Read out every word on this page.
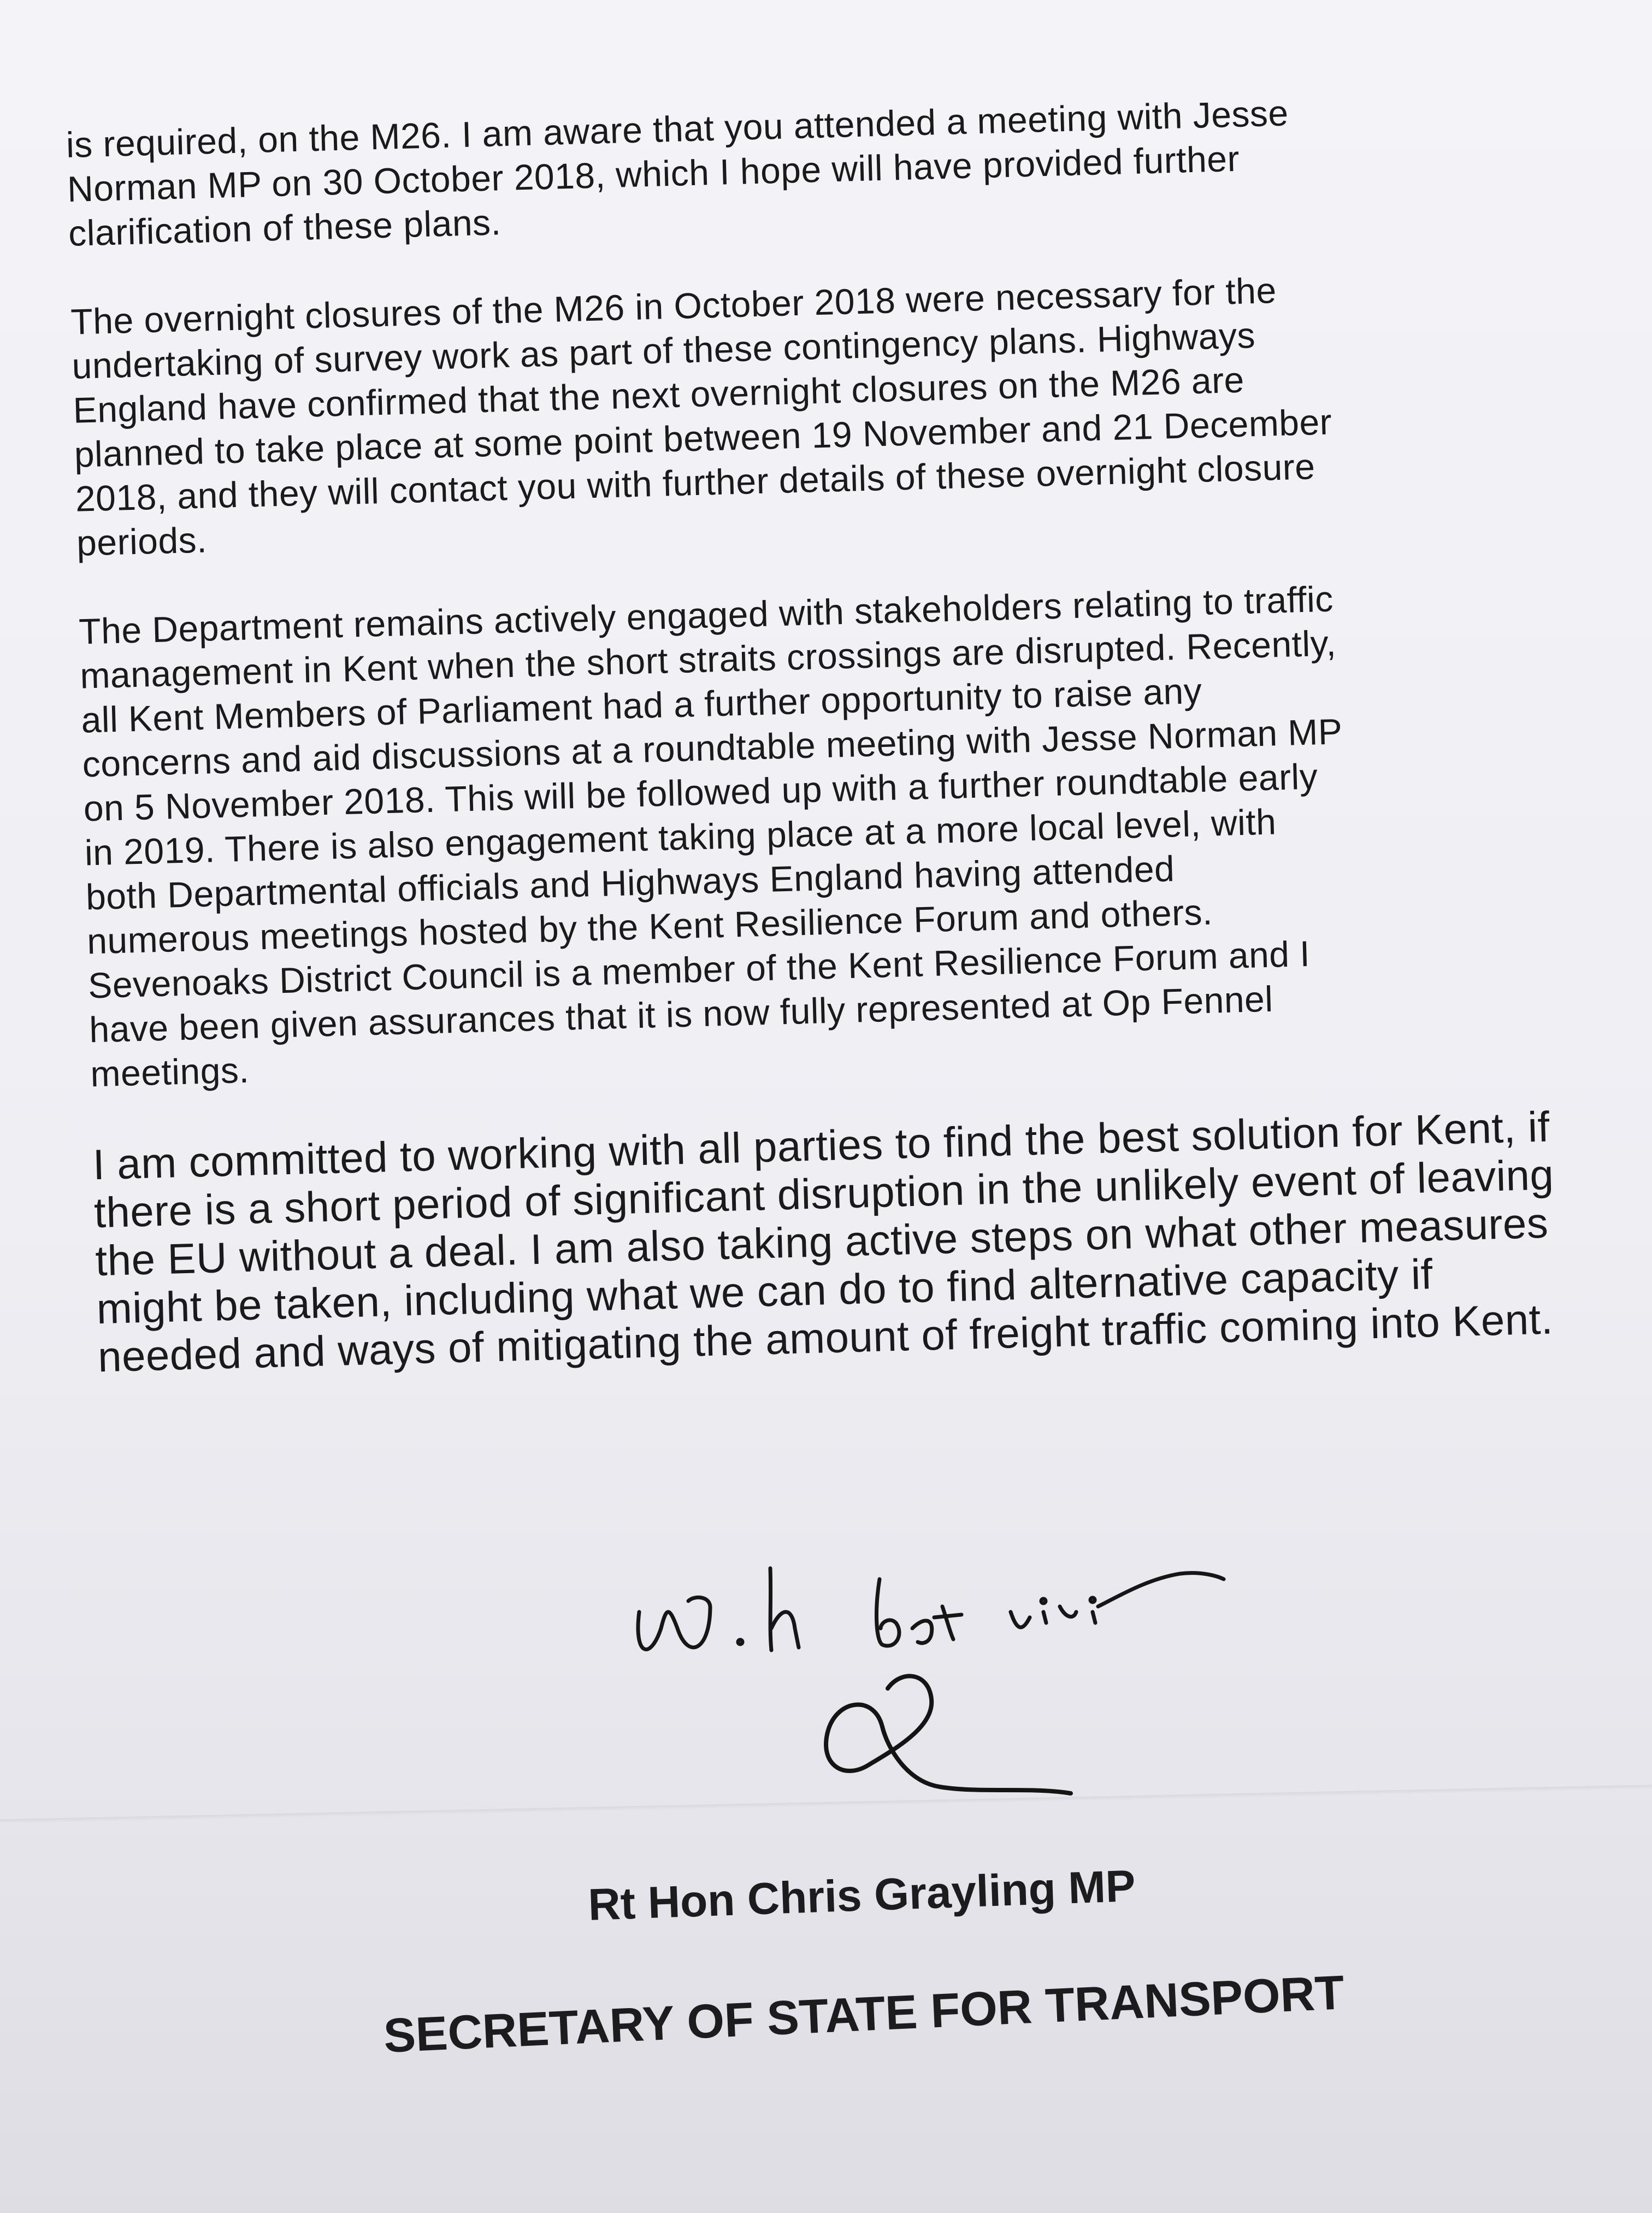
is required, on the M26. I am aware that you attended a meeting with Jesse
Norman MP on 30 October 2018, which I hope will have provided further
clarification of these plans.

The overnight closures of the M26 in October 2018 were necessary for the
undertaking of survey work as part of these contingency plans. Highways
England have confirmed that the next overnight closures on the M26 are
planned to take place at some point between 19 November and 21 December
2018, and they will contact you with further details of these overnight closure
periods.

The Department remains actively engaged with stakeholders relating to traffic
management in Kent when the short straits crossings are disrupted. Recently,
all Kent Members of Parliament had a further opportunity to raise any
concerns and aid discussions at a roundtable meeting with Jesse Norman MP
on 5 November 2018. This will be followed up with a further roundtable early
in 2019. There is also engagement taking place at a more local level, with
both Departmental officials and Highways England having attended
numerous meetings hosted by the Kent Resilience Forum and others.
Sevenoaks District Council is a member of the Kent Resilience Forum and I
have been given assurances that it is now fully represented at Op Fennel
meetings.

I am committed to working with all parties to find the best solution for Kent, if
there is a short period of significant disruption in the unlikely event of leaving
the EU without a deal. I am also taking active steps on what other measures
might be taken, including what we can do to find alternative capacity if
needed and ways of mitigating the amount of freight traffic coming into Kent.

Rt Hon Chris Grayling MP
SECRETARY OF STATE FOR TRANSPORT
